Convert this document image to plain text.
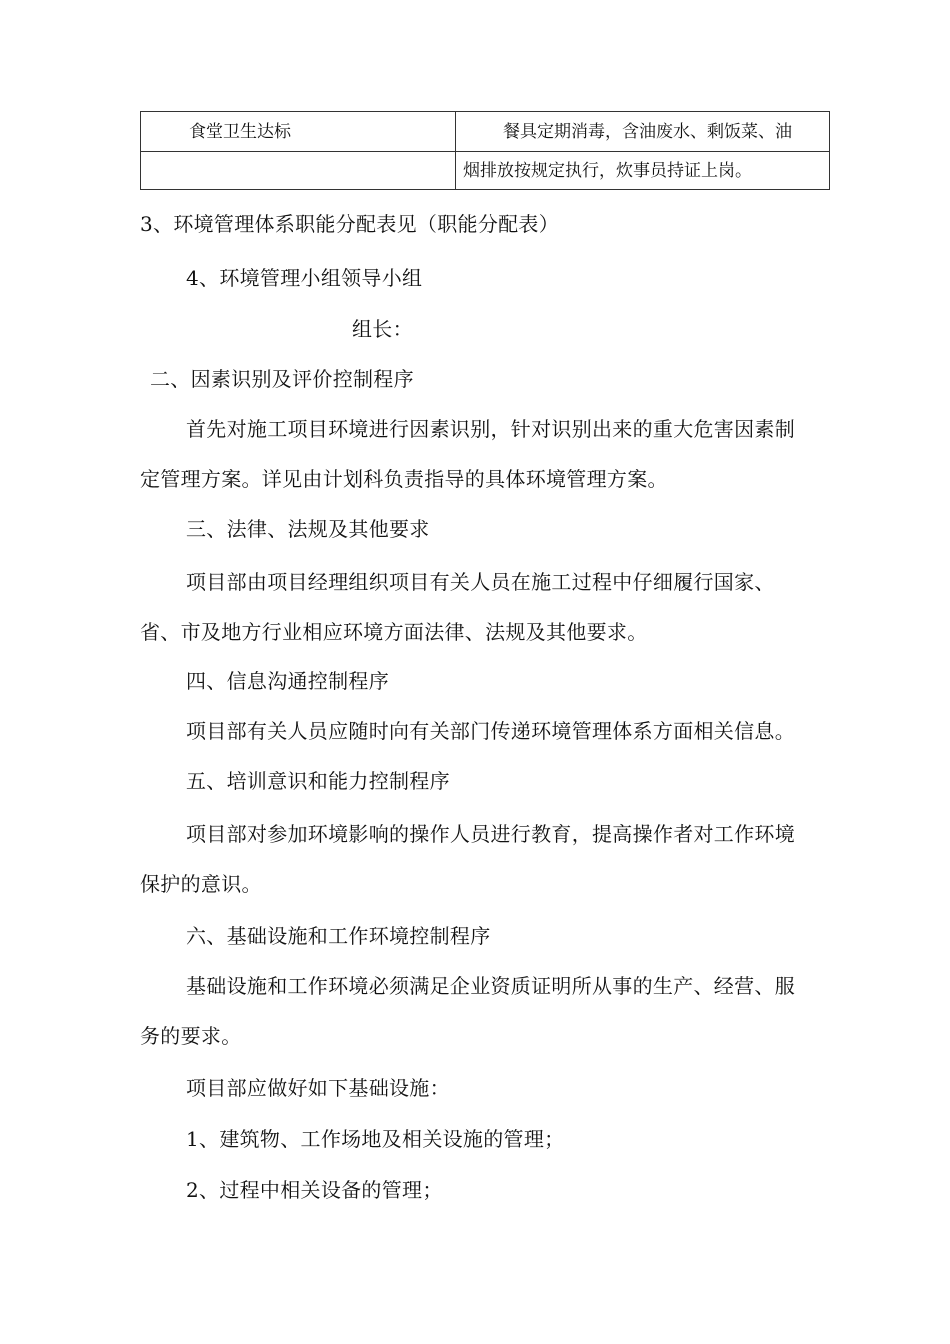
食堂卫生达标	餐具定期消毒，含油废水、剩饭菜、油
烟排放按规定执行，炊事员持证上岗。
3、环境管理体系职能分配表见（职能分配表）
4、环境管理小组领导小组
组长：
二、因素识别及评价控制程序
首先对施工项目环境进行因素识别，针对识别出来的重大危害因素制
定管理方案。详见由计划科负责指导的具体环境管理方案。
三、法律、法规及其他要求
项目部由项目经理组织项目有关人员在施工过程中仔细履行国家、
省、市及地方行业相应环境方面法律、法规及其他要求。
四、信息沟通控制程序
项目部有关人员应随时向有关部门传递环境管理体系方面相关信息。
五、培训意识和能力控制程序
项目部对参加环境影响的操作人员进行教育，提高操作者对工作环境
保护的意识。
六、基础设施和工作环境控制程序
基础设施和工作环境必须满足企业资质证明所从事的生产、经营、服
务的要求。
项目部应做好如下基础设施：
1、建筑物、工作场地及相关设施的管理；
2、过程中相关设备的管理；
